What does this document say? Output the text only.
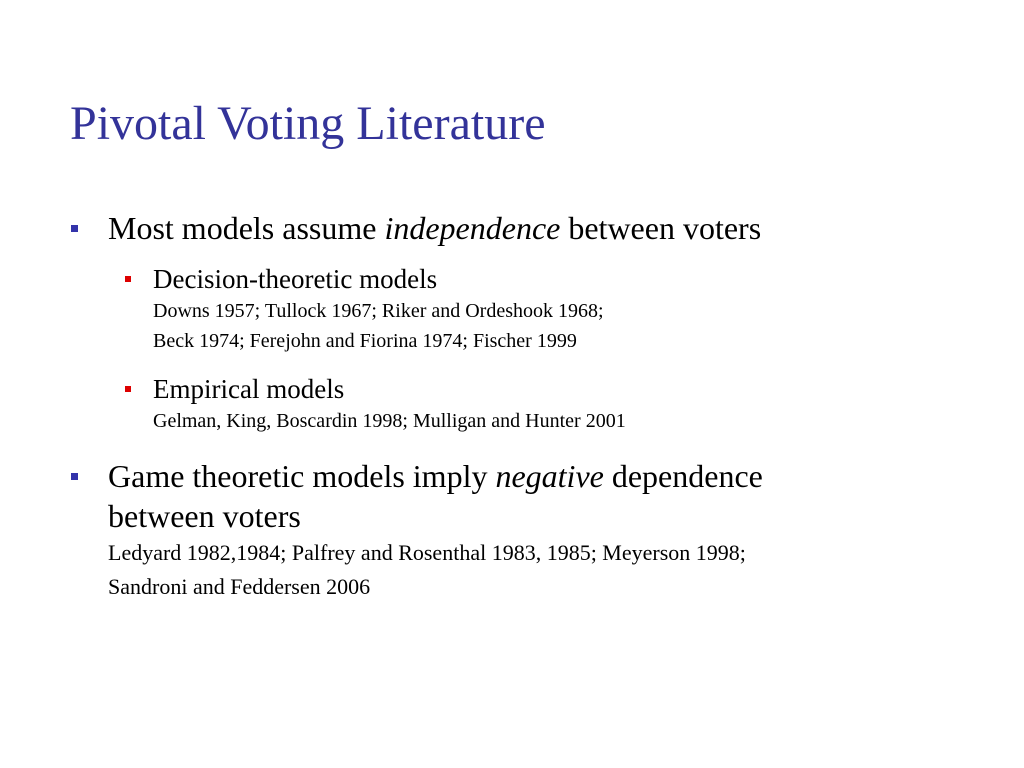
Pivotal Voting Literature
Most models assume independence between voters
Decision-theoretic models
Downs 1957; Tullock 1967; Riker and Ordeshook 1968;
Beck 1974; Ferejohn and Fiorina 1974; Fischer 1999
Empirical models
Gelman, King, Boscardin 1998; Mulligan and Hunter 2001
Game theoretic models imply negative dependence
between voters
Ledyard 1982,1984; Palfrey and Rosenthal 1983, 1985; Meyerson 1998;
Sandroni and Feddersen 2006
